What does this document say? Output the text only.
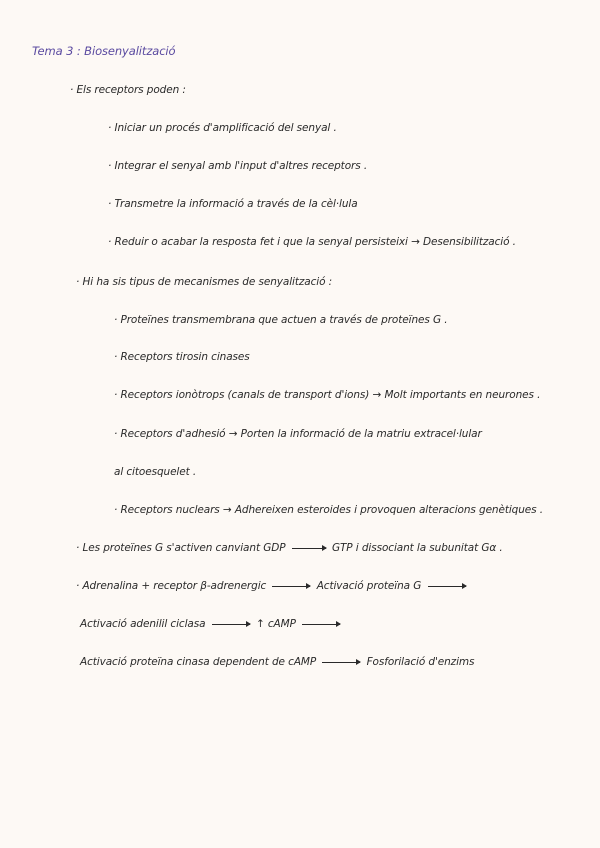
Tema 3 : Biosenyalització
· Els receptors poden :
· Iniciar un procés d'amplificació del senyal .
· Integrar el senyal amb l'input d'altres receptors .
· Transmetre la informació a través de la cèl·lula
· Reduir o acabar la resposta fet i que la senyal persisteixi → Desensibilització .
· Hi ha sis tipus de mecanismes de senyalització :
· Proteïnes transmembrana que actuen a través de proteïnes G .
· Receptors tirosin cinases
· Receptors ionòtrops (canals de transport d'ions) → Molt importants en neurones .
· Receptors d'adhesió → Porten la informació de la matriu extracel·lular
al citoesquelet .
· Receptors nuclears → Adhereixen esteroides i provoquen alteracions genètiques .
· Les proteïnes G s'activen canviant GDP	GTP i dissociant la subunitat Gα .
· Adrenalina + receptor β-adrenergic	Activació proteïna G
Activació adenilil ciclasa	↑ cAMP
Activació proteïna cinasa dependent de cAMP	Fosforilació d'enzims
